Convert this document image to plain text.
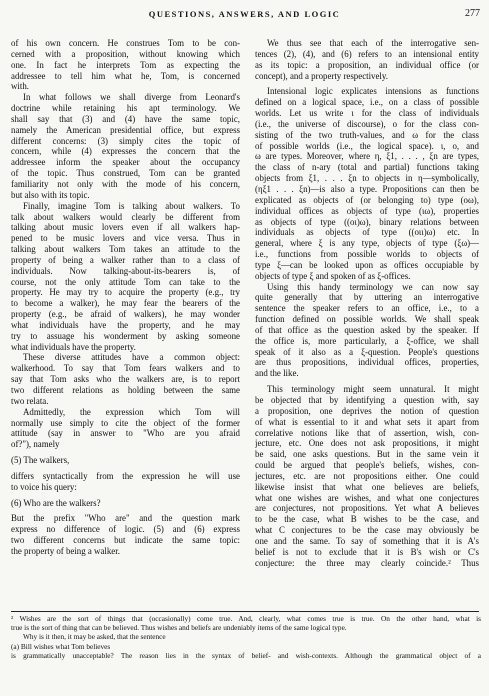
QUESTIONS, ANSWERS, AND LOGIC	277
of his own concern. He construes Tom to be con-
cerned with a proposition, without knowing which
one. In fact he interprets Tom as expecting the
addressee to tell him what he, Tom, is concerned
with.
In what follows we shall diverge from Leonard's
doctrine while retaining his apt terminology. We
shall say that (3) and (4) have the same topic,
namely the American presidential office, but express
different concerns: (3) simply cites the topic of
concern, while (4) expresses the concern that the
addressee inform the speaker about the occupancy
of the topic. Thus construed, Tom can be granted
familiarity not only with the mode of his concern,
but also with its topic.
Finally, imagine Tom is talking about walkers. To
talk about walkers would clearly be different from
talking about music lovers even if all walkers hap-
pened to be music lovers and vice versa. Thus in
talking about walkers Tom takes an attitude to the
property of being a walker rather than to a class of
individuals. Now talking-about-its-bearers is, of
course, not the only attitude Tom can take to the
property. He may try to acquire the property (e.g., try
to become a walker), he may fear the bearers of the
property (e.g., be afraid of walkers), he may wonder
what individuals have the property, and he may
try to assuage his wonderment by asking someone
what individuals have the property.
These diverse attitudes have a common object:
walkerhood. To say that Tom fears walkers and to
say that Tom asks who the walkers are, is to report
two different relations as holding between the same
two relata.
Admittedly, the expression which Tom will
normally use simply to cite the object of the former
attitude (say in answer to "Who are you afraid
of?"), namely
(5) The walkers,
differs syntactically from the expression he will use
to voice his query:
(6) Who are the walkers?
But the prefix "Who are" and the question mark
express no difference of logic. (5) and (6) express
two different concerns but indicate the same topic:
the property of being a walker.
We thus see that each of the interrogative sen-
tences (2), (4), and (6) refers to an intensional entity
as its topic: a proposition, an individual office (or
concept), and a property respectively.
Intensional logic explicates intensions as functions
defined on a logical space, i.e., on a class of possible
worlds. Let us write ι for the class of individuals
(i.e., the universe of discourse), o for the class con-
sisting of the two truth-values, and ω for the class
of possible worlds (i.e., the logical space). ι, o, and
ω are types. Moreover, where η, ξ1, . . . , ξn are types,
the class of n-ary (total and partial) functions taking
objects from ξ1, . . . ξn to objects in η—symbolically,
(ηξ1 . . . ξn)—is also a type. Propositions can then be
explicated as objects of (or belonging to) type (oω),
individual offices as objects of type (ιω), properties
as objects of type ((oι)ω), binary relations between
individuals as objects of type ((oιι)ω) etc. In
general, where ξ is any type, objects of type (ξω)—
i.e., functions from possible worlds to objects of
type ξ—can be looked upon as offices occupiable by
objects of type ξ and spoken of as ξ-offices.
Using this handy terminology we can now say
quite generally that by uttering an interrogative
sentence the speaker refers to an office, i.e., to a
function defined on possible worlds. We shall speak
of that office as the question asked by the speaker. If
the office is, more particularly, a ξ-office, we shall
speak of it also as a ξ-question. People's questions
are thus propositions, individual offices, properties,
and the like.
This terminology might seem unnatural. It might
be objected that by identifying a question with, say
a proposition, one deprives the notion of question
of what is essential to it and what sets it apart from
correlative notions like that of assertion, wish, con-
jecture, etc. One does not ask propositions, it might
be said, one asks questions. But in the same vein it
could be argued that people's beliefs, wishes, con-
jectures, etc. are not propositions either. One could
likewise insist that what one believes are beliefs,
what one wishes are wishes, and what one conjectures
are conjectures, not propositions. Yet what A believes
to be the case, what B wishes to be the case, and
what C conjectures to be the case may obviously be
one and the same. To say of something that it is A's
belief is not to exclude that it is B's wish or C's
conjecture: the three may clearly coincide.² Thus
² Wishes are the sort of things that (occasionally) come true. And, clearly, what comes true is true. On the other hand, what is
true is the sort of thing that can be believed. Thus wishes and beliefs are undeniably items of the same logical type.
Why is it then, it may be asked, that the sentence
(a) Bill wishes what Tom believes
is grammatically unacceptable? The reason lies in the syntax of belief- and wish-contexts. Although the grammatical object of a
